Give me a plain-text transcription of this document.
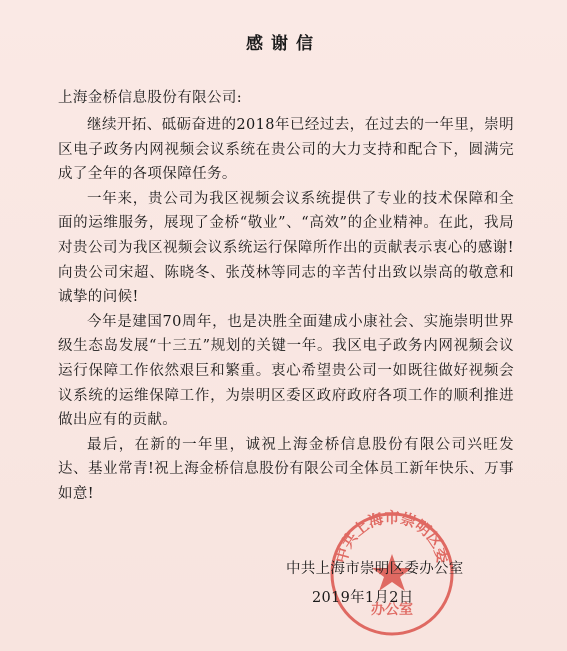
感谢信
上海金桥信息股份有限公司:

继续开拓、砥砺奋进的2018年已经过去，在过去的一年里，崇明区电子政务内网视频会议系统在贵公司的大力支持和配合下，圆满完成了全年的各项保障任务。

一年来，贵公司为我区视频会议系统提供了专业的技术保障和全面的运维服务，展现了金桥“敬业”、“高效”的企业精神。在此，我局对贵公司为我区视频会议系统运行保障所作出的贡献表示衷心的感谢!向贵公司宋超、陈晓冬、张茂林等同志的辛苦付出致以崇高的敬意和诚挚的问候!

今年是建国70周年，也是决胜全面建成小康社会、实施崇明世界级生态岛发展“十三五”规划的关键一年。我区电子政务内网视频会议运行保障工作依然艰巨和繁重。衷心希望贵公司一如既往做好视频会议系统的运维保障工作，为崇明区委区政府政府各项工作的顺利推进做出应有的贡献。

最后，在新的一年里，诚祝上海金桥信息股份有限公司兴旺发达、基业常青!祝上海金桥信息股份有限公司全体员工新年快乐、万事如意!

中共上海市崇明区委
办公室
中共上海市崇明区委办公室
2019年1月2日
